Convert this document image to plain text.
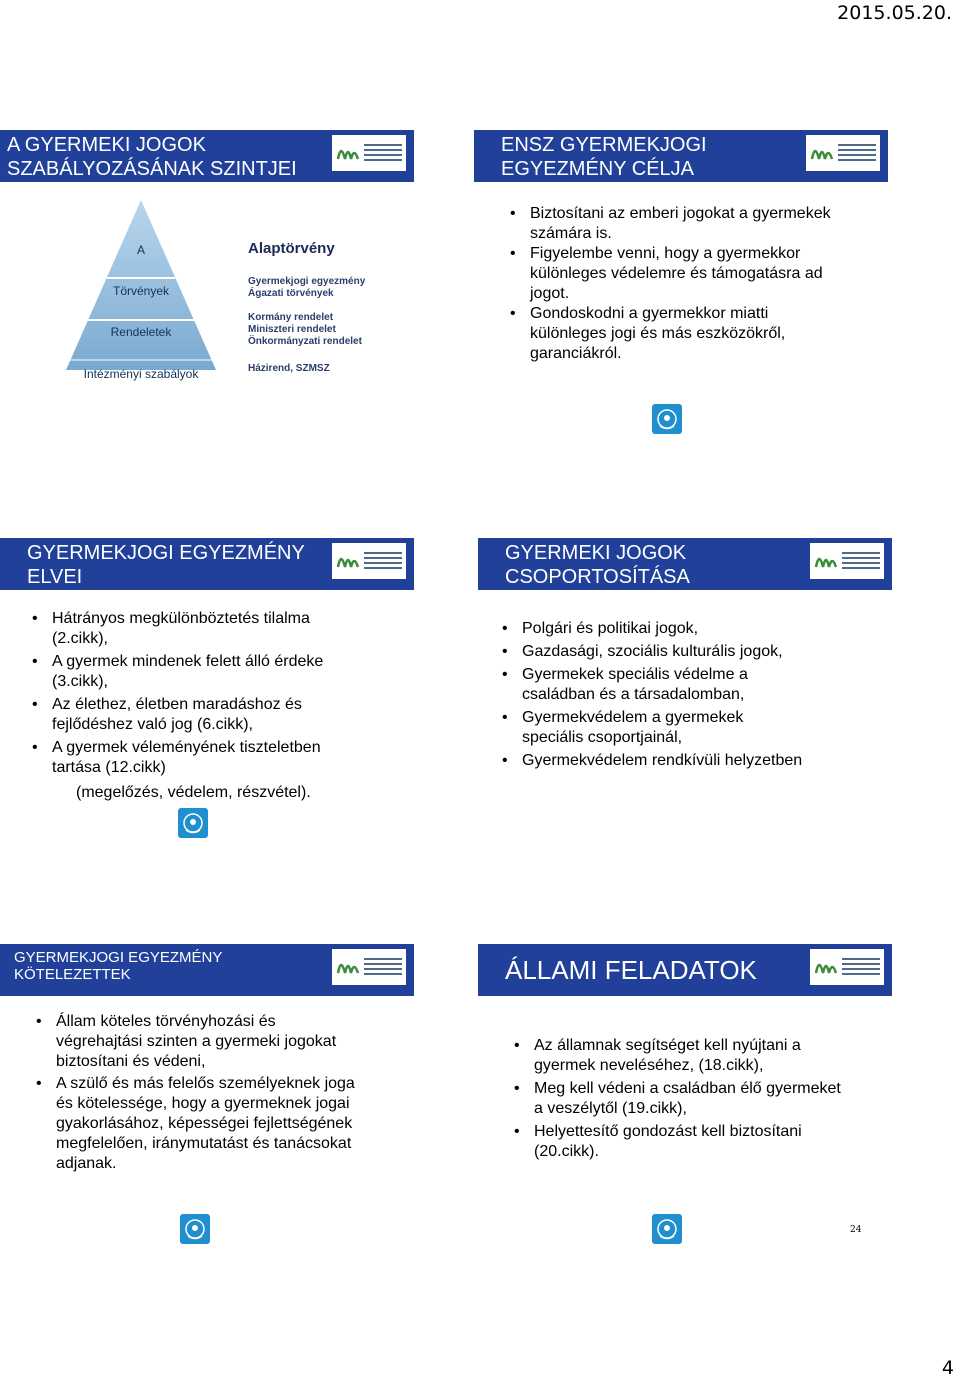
2015.05.20.
A GYERMEKI JOGOK SZABÁLYOZÁSÁNAK SZINTJEI
A
Törvények
Rendeletek
Intézményi szabályok
Alaptörvény
Gyermekjogi egyezmény Ágazati törvények
Kormány rendelet Miniszteri rendelet Önkormányzati rendelet
Házirend, SZMSZ
ENSZ GYERMEKJOGI EGYEZMÉNY CÉLJA
• Biztosítani az emberi jogokat a gyermekek számára is.
• Figyelembe venni, hogy a gyermekkor különleges védelemre és támogatásra ad jogot.
• Gondoskodni a gyermekkor miatti különleges jogi és más eszközökről, garanciákról.
GYERMEKJOGI EGYEZMÉNY ELVEI
• Hátrányos megkülönböztetés tilalma (2.cikk),
• A gyermek mindenek felett álló érdeke (3.cikk),
• Az élethez, életben maradáshoz és fejlődéshez való jog (6.cikk),
• A gyermek véleményének tiszteletben tartása (12.cikk)
(megelőzés, védelem, részvétel).
GYERMEKI JOGOK CSOPORTOSÍTÁSA
• Polgári és politikai jogok,
• Gazdasági, szociális kulturális jogok,
• Gyermekek speciális védelme a családban és a társadalomban,
• Gyermekvédelem a gyermekek speciális csoportjainál,
• Gyermekvédelem rendkívüli helyzetben
GYERMEKJOGI EGYEZMÉNY KÖTELEZETTEK
• Állam köteles törvényhozási és végrehajtási szinten a gyermeki jogokat biztosítani és védeni,
• A szülő és más felelős személyeknek joga és kötelessége, hogy a gyermeknek jogai gyakorlásához, képességei fejlettségének megfelelően, iránymutatást és tanácsokat adjanak.
ÁLLAMI FELADATOK
• Az államnak segítséget kell nyújtani a gyermek neveléséhez, (18.cikk),
• Meg kell védeni a családban élő gyermeket a veszélytől (19.cikk),
• Helyettesítő gondozást kell biztosítani (20.cikk).
24
4
